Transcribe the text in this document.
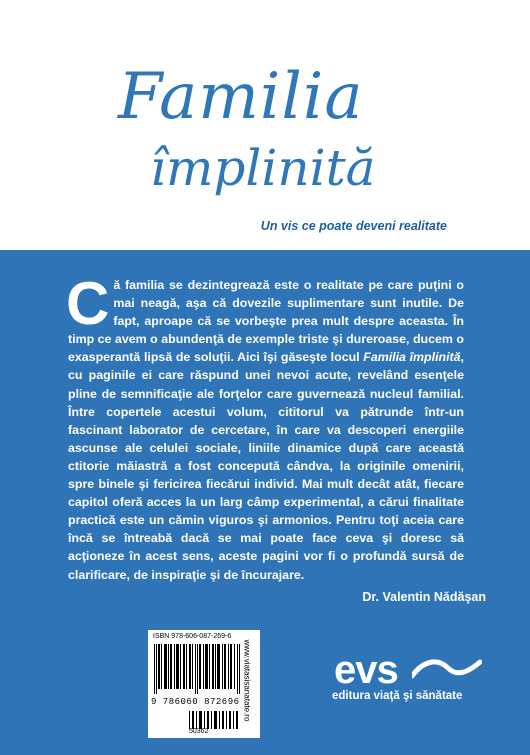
Familia
împlinită
Un vis ce poate deveni realitate
Că familia se dezintegrează este o realitate pe care puţini o mai neagă, aşa că dovezile suplimentare sunt inutile. De fapt, aproape că se vorbeşte prea mult despre aceasta. În timp ce avem o abundenţă de exemple triste şi dureroase, ducem o exasperantă lipsă de soluţii. Aici îşi găseşte locul Familia împlinită, cu paginile ei care răspund unei nevoi acute, revelând esenţele pline de semnificaţie ale forţelor care guvernează nucleul familial. Între copertele acestui volum, cititorul va pătrunde într-un fascinant laborator de cercetare, în care va descoperi energiile ascunse ale celulei sociale, liniile dinamice după care această ctitorie măiastră a fost concepută cândva, la originile omenirii, spre binele şi fericirea fiecărui individ. Mai mult decât atât, fiecare capitol oferă acces la un larg câmp experimental, a cărui finalitate practică este un cămin viguros şi armonios. Pentru toţi aceia care încă se întreabă dacă se mai poate face ceva şi doresc să acţioneze în acest sens, aceste pagini vor fi o profundă sursă de clarificare, de inspiraţie şi de încurajare.
Dr. Valentin Nădăşan
ISBN 978-606-087-269-6
9 786060 872696
50362
www.viatasisanatate.ro evs
editura viaţă şi sănătate
